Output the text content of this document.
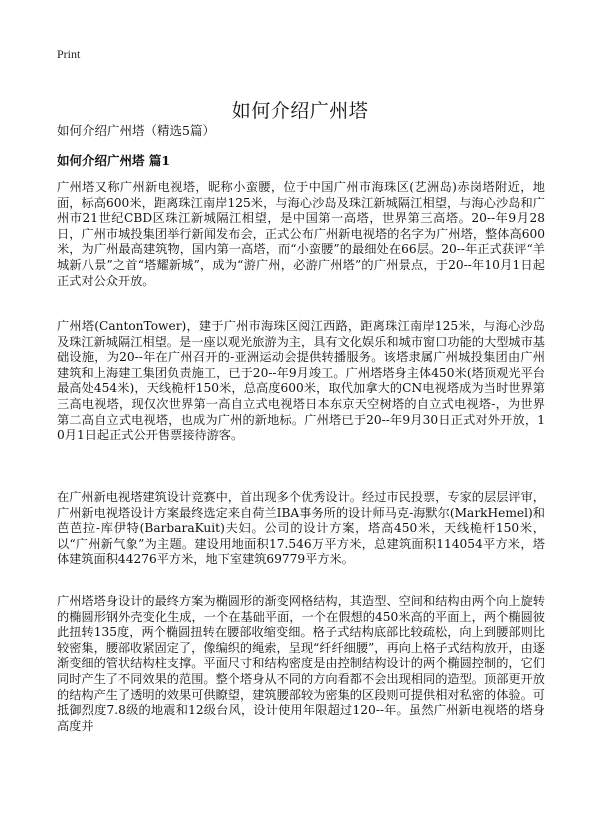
Print
如何介绍广州塔
如何介绍广州塔（精选5篇）
如何介绍广州塔 篇1

广州塔又称广州新电视塔，昵称小蛮腰，位于中国广州市海珠区(艺洲岛)赤岗塔附近，地面，标高600米，距离珠江南岸125米，与海心沙岛及珠江新城隔江相望，与海心沙岛和广州市21世纪CBD区珠江新城隔江相望，是中国第一高塔，世界第三高塔。20--年9月28日，广州市城投集团举行新闻发布会，正式公布广州新电视塔的名字为广州塔，整体高600米，为广州最高建筑物，国内第一高塔，而“小蛮腰”的最细处在66层。20--年正式获评“羊城新八景”之首“塔耀新城”，成为“游广州，必游广州塔”的广州景点，于20--年10月1日起正式对公众开放。

广州塔(CantonTower)，建于广州市海珠区阅江西路，距离珠江南岸125米，与海心沙岛及珠江新城隔江相望。是一座以观光旅游为主，具有文化娱乐和城市窗口功能的大型城市基础设施，为20--年在广州召开的-亚洲运动会提供转播服务。该塔隶属广州城投集团由广州建筑和上海建工集团负责施工，已于20--年9月竣工。广州塔塔身主体450米(塔顶观光平台最高处454米)，天线桅杆150米，总高度600米，取代加拿大的CN电视塔成为当时世界第三高电视塔，现仅次世界第一高自立式电视塔日本东京天空树塔的自立式电视塔-，为世界第二高自立式电视塔，也成为广州的新地标。广州塔已于20--年9月30日正式对外开放，10月1日起正式公开售票接待游客。

在广州新电视塔建筑设计竞赛中，首出现多个优秀设计。经过市民投票，专家的层层评审，广州新电视塔设计方案最终选定来自荷兰IBA事务所的设计师马克-海默尔(MarkHemel)和芭芭拉-库伊特(BarbaraKuit)夫妇。公司的设计方案，塔高450米，天线桅杆150米，以“广州新气象”为主题。建设用地面积17.546万平方米，总建筑面积114054平方米，塔体建筑面积44276平方米，地下室建筑69779平方米。

广州塔塔身设计的最终方案为椭圆形的渐变网格结构，其造型、空间和结构由两个向上旋转的椭圆形钢外壳变化生成，一个在基础平面，一个在假想的450米高的平面上，两个椭圆彼此扭转135度，两个椭圆扭转在腰部收缩变细。格子式结构底部比较疏松，向上到腰部则比较密集，腰部收紧固定了，像编织的绳索，呈现“纤纤细腰”，再向上格子式结构放开，由逐渐变细的管状结构柱支撑。平面尺寸和结构密度是由控制结构设计的两个椭圆控制的，它们同时产生了不同效果的范围。整个塔身从不同的方向看都不会出现相同的造型。顶部更开放的结构产生了透明的效果可供瞭望，建筑腰部较为密集的区段则可提供相对私密的体验。可抵御烈度7.8级的地震和12级台风，设计使用年限超过120--年。虽然广州新电视塔的塔身高度并
